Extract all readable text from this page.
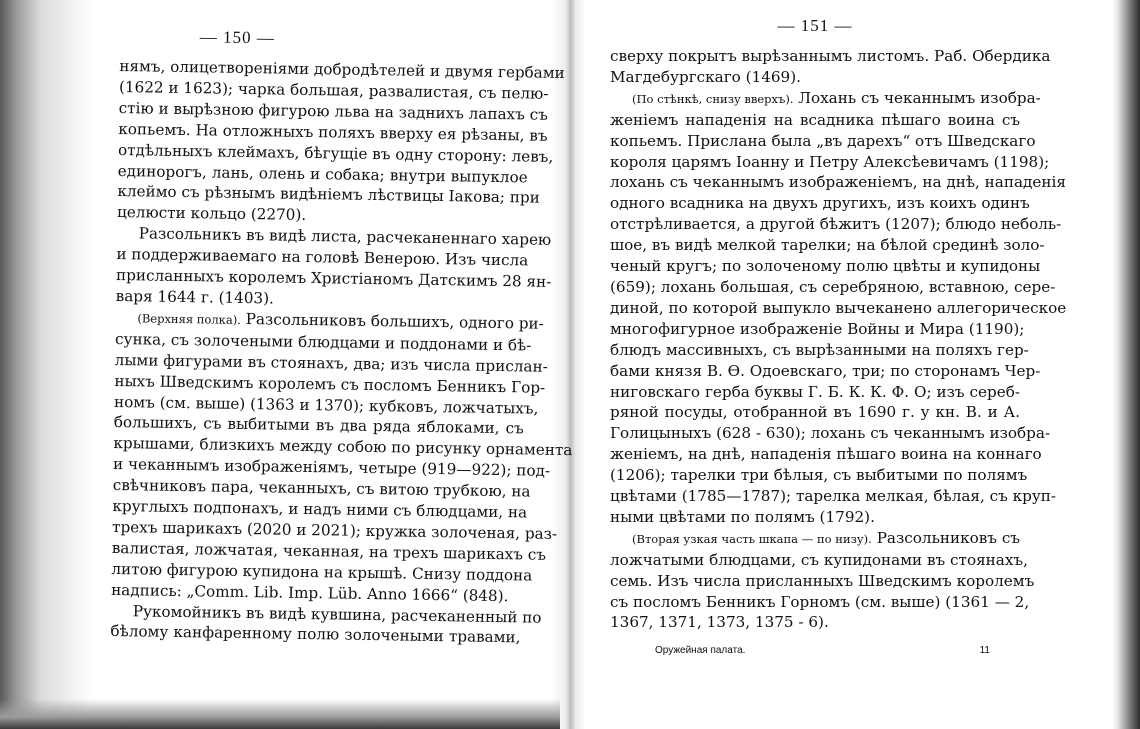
— 150 —
нямъ, олицетвореніями добродѣтелей и двумя гербами
(1622 и 1623); чарка большая, развалистая, съ пелю-
стію и вырѣзною фигурою льва на заднихъ лапахъ съ
копьемъ. На отложныхъ поляхъ вверху ея рѣзаны, въ
отдѣльныхъ клеймахъ, бѣгущіе въ одну сторону: левъ,
единорогъ, лань, олень и собака; внутри выпуклое
клеймо съ рѣзнымъ видѣніемъ лѣствицы Іакова; при
целюсти кольцо (2270).
Разсольникъ въ видѣ листа, расчеканеннаго харею
и поддерживаемаго на головѣ Венерою. Изъ числа
присланныхъ королемъ Христіаномъ Датскимъ 28 ян-
варя 1644 г. (1403).
(Верхняя полка). Разсольниковъ большихъ, одного ри-
сунка, съ золочеными блюдцами и поддонами и бѣ-
лыми фигурами въ стоянахъ, два; изъ числа прислан-
ныхъ Шведскимъ королемъ съ посломъ Бенникъ Гор-
номъ (см. выше) (1363 и 1370); кубковъ, ложчатыхъ,
большихъ, съ выбитыми въ два ряда яблоками, съ
крышами, близкихъ между собою по рисунку орнамента
и чеканнымъ изображеніямъ, четыре (919—922); под-
свѣчниковъ пара, чеканныхъ, съ витою трубкою, на
круглыхъ подпонахъ, и надъ ними съ блюдцами, на
трехъ шарикахъ (2020 и 2021); кружка золоченая, раз-
валистая, ложчатая, чеканная, на трехъ шарикахъ съ
литою фигурою купидона на крышѣ. Снизу поддона
надпись: „Comm. Lib. Imp. Lüb. Anno 1666“ (848).
Рукомойникъ въ видѣ кувшина, расчеканенный по
бѣлому канфаренному полю золочеными травами,
— 151 —
сверху покрытъ вырѣзаннымъ листомъ. Раб. Обердика
Магдебургскаго (1469).
(По стѣнкѣ, снизу вверхъ). Лохань съ чеканнымъ изобра-
женіемъ нападенія на всадника пѣшаго воина съ
копьемъ. Прислана была „въ дарехъ“ отъ Шведскаго
короля царямъ Іоанну и Петру Алексѣевичамъ (1198);
лохань съ чеканнымъ изображеніемъ, на днѣ, нападенія
одного всадника на двухъ другихъ, изъ коихъ одинъ
отстрѣливается, а другой бѣжитъ (1207); блюдо неболь-
шое, въ видѣ мелкой тарелки; на бѣлой срединѣ золо-
ченый кругъ; по золоченому полю цвѣты и купидоны
(659); лохань большая, съ серебряною, вставною, сере-
диной, по которой выпукло вычеканено аллегорическое
многофигурное изображеніе Войны и Мира (1190);
блюдъ массивныхъ, съ вырѣзанными на поляхъ гер-
бами князя В. Ѳ. Одоевскаго, три; по сторонамъ Чер-
ниговскаго герба буквы Г. Б. К. К. Ф. О; изъ сереб-
ряной посуды, отобранной въ 1690 г. у кн. В. и А.
Голицыныхъ (628 - 630); лохань съ чеканнымъ изобра-
женіемъ, на днѣ, нападенія пѣшаго воина на коннаго
(1206); тарелки три бѣлыя, съ выбитыми по полямъ
цвѣтами (1785—1787); тарелка мелкая, бѣлая, съ круп-
ными цвѣтами по полямъ (1792).
(Вторая узкая часть шкапа — по низу). Разсольниковъ съ
ложчатыми блюдцами, съ купидонами въ стоянахъ,
семь. Изъ числа присланныхъ Шведскимъ королемъ
съ посломъ Бенникъ Горномъ (см. выше) (1361 — 2,
1367, 1371, 1373, 1375 - 6).
Оружейная палата.	11
